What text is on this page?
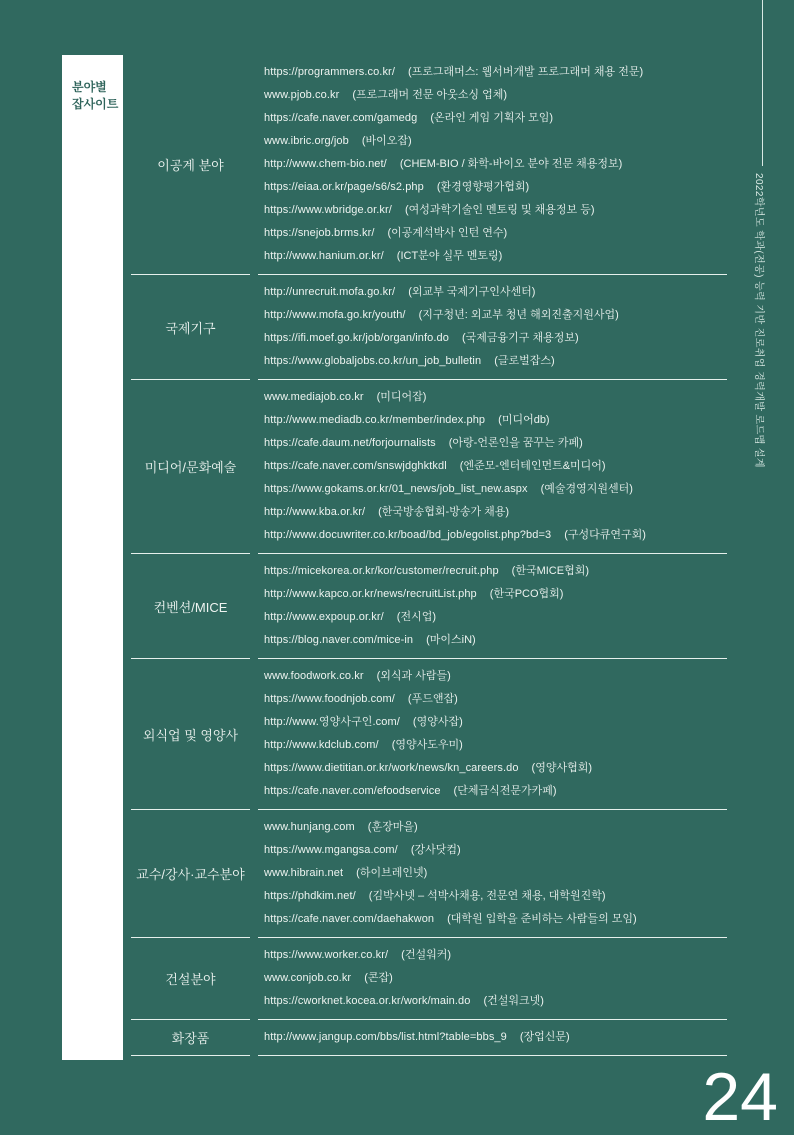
분야별
잡사이트
이공계 분야
https://programmers.co.kr/ (프로그래머스: 웹서버개발 프로그래머 채용 전문)
www.pjob.co.kr (프로그래머 전문 아웃소싱 업체)
https://cafe.naver.com/gamedg (온라인 게임 기획자 모임)
www.ibric.org/job (바이오잡)
http://www.chem-bio.net/ (CHEM-BIO / 화학-바이오 분야 전문 채용정보)
https://eiaa.or.kr/page/s6/s2.php (환경영향평가협회)
https://www.wbridge.or.kr/ (여성과학기술인 멘토링 및 채용정보 등)
https://snejob.brms.kr/ (이공계석박사 인턴 연수)
http://www.hanium.or.kr/ (ICT분야 실무 멘토링)
국제기구
http://unrecruit.mofa.go.kr/ (외교부 국제기구인사센터)
http://www.mofa.go.kr/youth/ (지구청년: 외교부 청년 해외진출지원사업)
https://ifi.moef.go.kr/job/organ/info.do (국제금융기구 채용정보)
https://www.globaljobs.co.kr/un_job_bulletin (글로벌잡스)
미디어/문화예술
www.mediajob.co.kr (미디어잡)
http://www.mediadb.co.kr/member/index.php (미디어db)
https://cafe.daum.net/forjournalists (아랑-언론인을 꿈꾸는 카페)
https://cafe.naver.com/snswjdghktkdl (엔준모-엔터테인먼트&미디어)
https://www.gokams.or.kr/01_news/job_list_new.aspx (예술경영지원센터)
http://www.kba.or.kr/ (한국방송협회-방송가 채용)
http://www.docuwriter.co.kr/boad/bd_job/egolist.php?bd=3 (구성다큐연구회)
컨벤션/MICE
https://micekorea.or.kr/kor/customer/recruit.php (한국MICE협회)
http://www.kapco.or.kr/news/recruitList.php (한국PCO협회)
http://www.expoup.or.kr/ (전시업)
https://blog.naver.com/mice-in (마이스iN)
외식업 및 영양사
www.foodwork.co.kr (외식과 사람들)
https://www.foodnjob.com/ (푸드앤잡)
http://www.영양사구인.com/ (영양사잡)
http://www.kdclub.com/ (영양사도우미)
https://www.dietitian.or.kr/work/news/kn_careers.do (영양사협회)
https://cafe.naver.com/efoodservice (단체급식전문가카페)
교수/강사·교수분야
www.hunjang.com (훈장마을)
https://www.mgangsa.com/ (강사닷컴)
www.hibrain.net (하이브레인넷)
https://phdkim.net/ (김박사넷 – 석박사채용, 전문연 채용, 대학원진학)
https://cafe.naver.com/daehakwon (대학원 입학을 준비하는 사람들의 모임)
건설분야
https://www.worker.co.kr/ (건설워커)
www.conjob.co.kr (콘잡)
https://cworknet.kocea.or.kr/work/main.do (건설워크넷)
화장품	http://www.jangup.com/bbs/list.html?table=bbs_9 (장업신문)
2022학년도 학과(전공) 능력 기반 진로취업 경력개발 로드맵 설계
24
